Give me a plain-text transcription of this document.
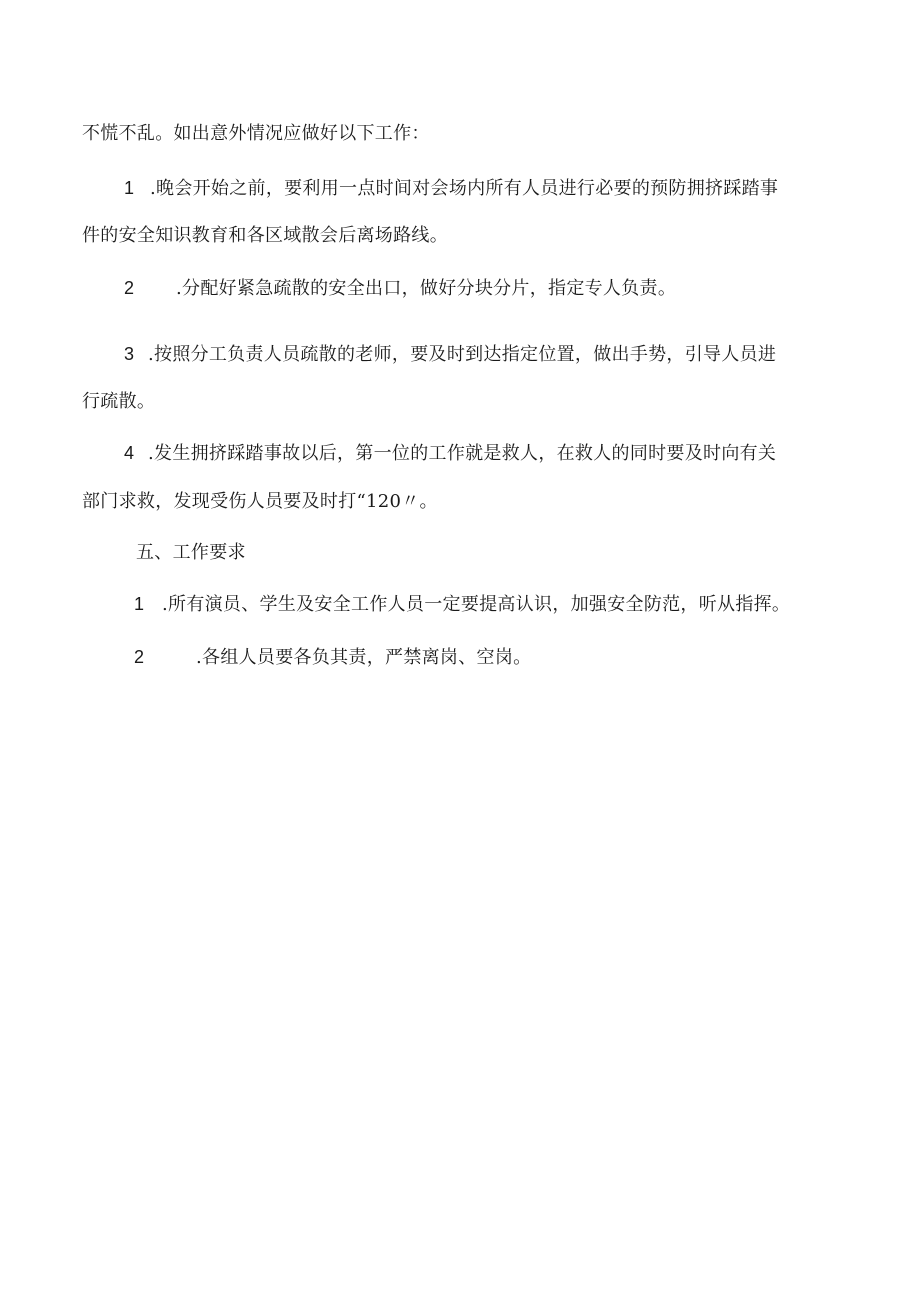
不慌不乱。如出意外情况应做好以下工作：
1 .晚会开始之前，要利用一点时间对会场内所有人员进行必要的预防拥挤踩踏事
件的安全知识教育和各区域散会后离场路线。
2 .分配好紧急疏散的安全出口，做好分块分片，指定专人负责。
3 .按照分工负责人员疏散的老师，要及时到达指定位置，做出手势，引导人员进
行疏散。
4 .发生拥挤踩踏事故以后，第一位的工作就是救人，在救人的同时要及时向有关
部门求救，发现受伤人员要及时打“120〃。
五、工作要求
1 .所有演员、学生及安全工作人员一定要提高认识，加强安全防范，听从指挥。
2	.各组人员要各负其责，严禁离岗、空岗。
